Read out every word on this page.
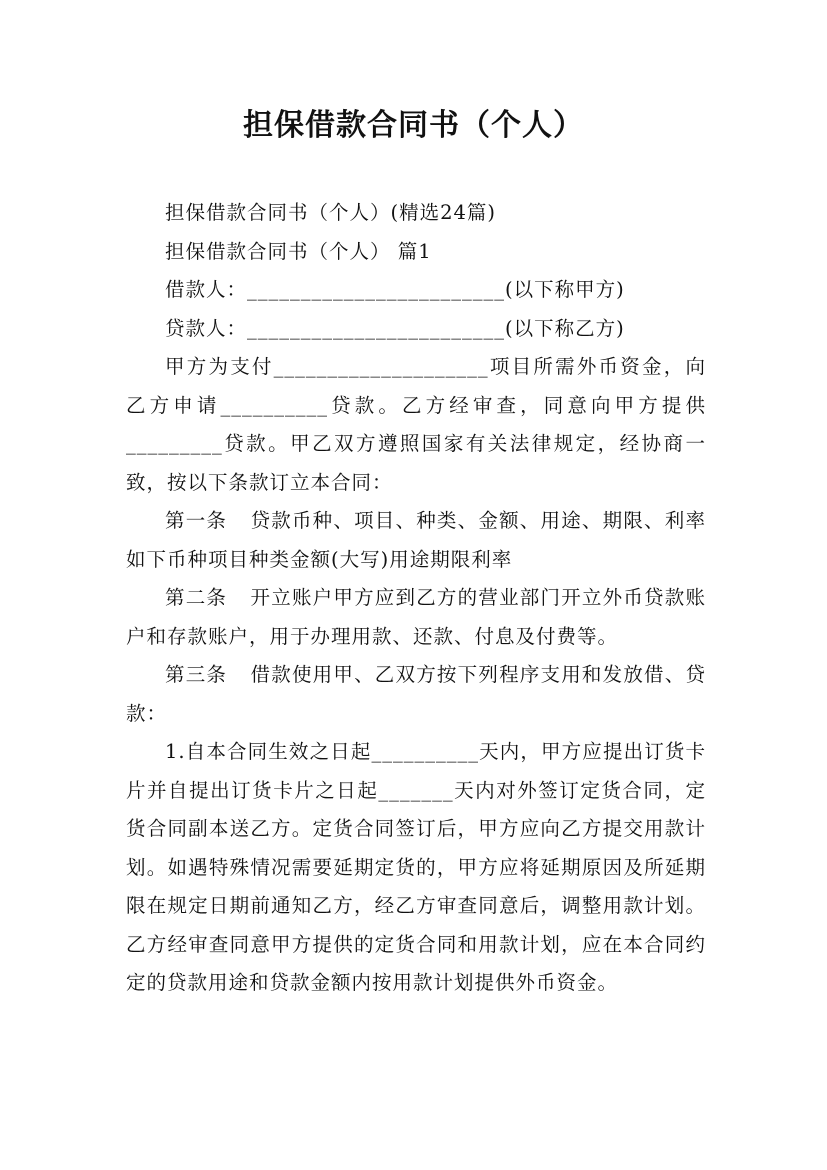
担保借款合同书（个人）

担保借款合同书（个人）(精选24篇)

担保借款合同书（个人） 篇1

借款人：________________________(以下称甲方)

贷款人：________________________(以下称乙方)

甲方为支付____________________项目所需外币资金，向乙方申请__________贷款。乙方经审查，同意向甲方提供_________贷款。甲乙双方遵照国家有关法律规定，经协商一致，按以下条款订立本合同：

第一条 贷款币种、项目、种类、金额、用途、期限、利率如下币种项目种类金额(大写)用途期限利率

第二条 开立账户甲方应到乙方的营业部门开立外币贷款账户和存款账户，用于办理用款、还款、付息及付费等。

第三条 借款使用甲、乙双方按下列程序支用和发放借、贷款：

1.自本合同生效之日起__________天内，甲方应提出订货卡片并自提出订货卡片之日起_______天内对外签订定货合同，定货合同副本送乙方。定货合同签订后，甲方应向乙方提交用款计划。如遇特殊情况需要延期定货的，甲方应将延期原因及所延期限在规定日期前通知乙方，经乙方审查同意后，调整用款计划。乙方经审查同意甲方提供的定货合同和用款计划，应在本合同约定的贷款用途和贷款金额内按用款计划提供外币资金。
